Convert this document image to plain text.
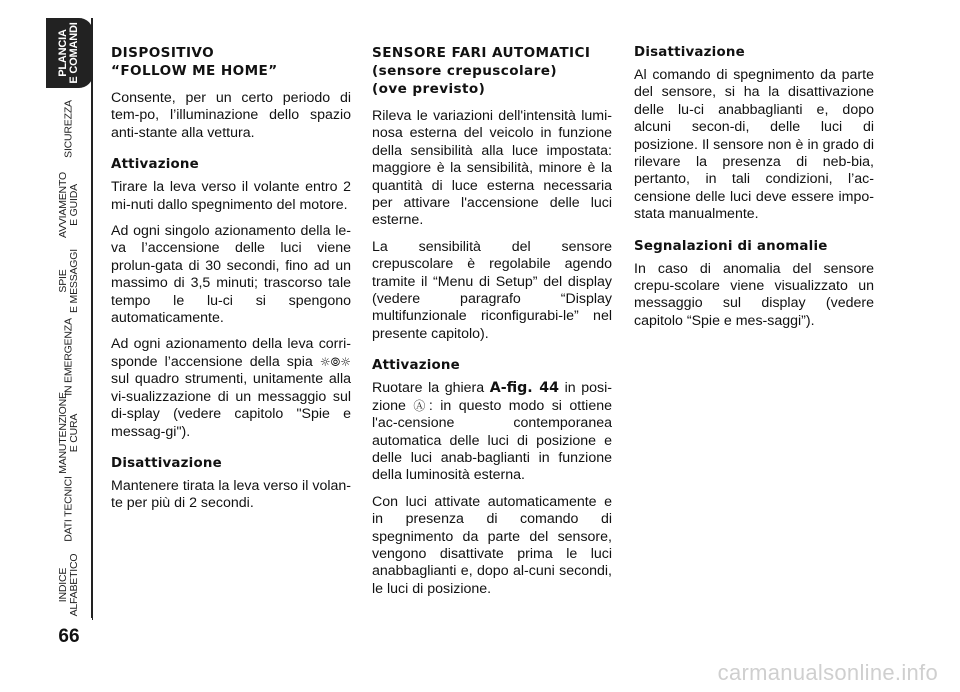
PLANCIA
E COMANDI
SICUREZZA
AVVIAMENTO
E GUIDA
SPIE
E MESSAGGI
IN EMERGENZA
MANUTENZIONE
E CURA
DATI TECNICI
INDICE
ALFABETICO
66
DISPOSITIVO
“FOLLOW ME HOME”

Consente, per un certo periodo di tem-po, l’illuminazione dello spazio anti-stante alla vettura.

Attivazione

Tirare la leva verso il volante entro 2 mi-nuti dallo spegnimento del motore.

Ad ogni singolo azionamento della le-va l’accensione delle luci viene prolun-gata di 30 secondi, fino ad un massimo di 3,5 minuti; trascorso tale tempo le lu-ci si spengono automaticamente.

Ad ogni azionamento della leva corri-sponde l’accensione della spia ☼⦾☼ sul quadro strumenti, unitamente alla vi-sualizzazione di un messaggio sul di-splay (vedere capitolo "Spie e messag-gi").

Disattivazione

Mantenere tirata la leva verso il volan-te per più di 2 secondi.

SENSORE FARI AUTOMATICI
(sensore crepuscolare)
(ove previsto)

Rileva le variazioni dell'intensità lumi-nosa esterna del veicolo in funzione della sensibilità alla luce impostata: maggiore è la sensibilità, minore è la quantità di luce esterna necessaria per attivare l'accensione delle luci esterne.

La sensibilità del sensore crepuscolare è regolabile agendo tramite il “Menu di Setup” del display (vedere paragrafo “Display multifunzionale riconfigurabi-le” nel presente capitolo).

Attivazione

Ruotare la ghiera A-fig. 44 in posi-zione Ⓐ: in questo modo si ottiene l'ac-censione contemporanea automatica delle luci di posizione e delle luci anab-baglianti in funzione della luminosità esterna.

Con luci attivate automaticamente e in presenza di comando di spegnimento da parte del sensore, vengono disattivate prima le luci anabbaglianti e, dopo al-cuni secondi, le luci di posizione.

Disattivazione

Al comando di spegnimento da parte del sensore, si ha la disattivazione delle lu-ci anabbaglianti e, dopo alcuni secon-di, delle luci di posizione. Il sensore non è in grado di rilevare la presenza di neb-bia, pertanto, in tali condizioni, l’ac-censione delle luci deve essere impo-stata manualmente.

Segnalazioni di anomalie

In caso di anomalia del sensore crepu-scolare viene visualizzato un messaggio sul display (vedere capitolo “Spie e mes-saggi”).

carmanualsonline.info
